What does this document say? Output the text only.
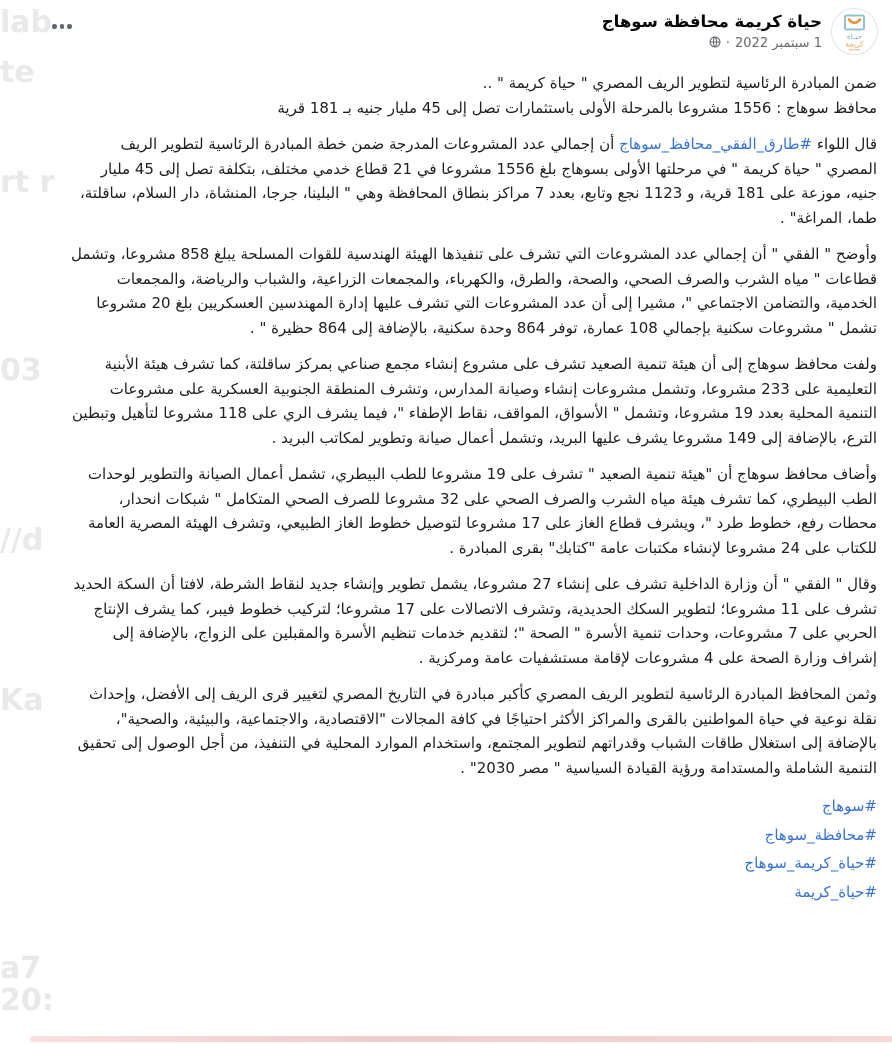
lab
te
rt r
03
//d
Ka
a7
20:
حيـاة
كريمة
حياة كريمة محافظة سوهاج
1 سبتمبر 2022
·

ضمن المبادرة الرئاسية لتطوير الريف المصري " حياة كريمة " ..
محافظ سوهاج : 1556 مشروعا بالمرحلة الأولى باستثمارات تصل إلى 45 مليار جنيه بـ 181 قرية

قال اللواء #طارق_الفقي_محافظ_سوهاج أن إجمالي عدد المشروعات المدرجة ضمن خطة المبادرة الرئاسية لتطوير الريف المصري " حياة كريمة " في مرحلتها الأولى بسوهاج بلغ 1556 مشروعا في 21 قطاع خدمي مختلف، بتكلفة تصل إلى 45 مليار جنيه، موزعة على 181 قرية، و 1123 نجع وتابع، بعدد 7 مراكز بنطاق المحافظة وهي " البلينا، جرجا، المنشاة، دار السلام، ساقلتة، طما، المراغة" .

وأوضح " الفقي " أن إجمالي عدد المشروعات التي تشرف على تنفيذها الهيئة الهندسية للقوات المسلحة يبلغ 858 مشروعا، وتشمل قطاعات " مياه الشرب والصرف الصحي، والصحة، والطرق، والكهرباء، والمجمعات الزراعية، والشباب والرياضة، والمجمعات الخدمية، والتضامن الاجتماعي "، مشيرا إلى أن عدد المشروعات التي تشرف عليها إدارة المهندسين العسكريين بلغ 20 مشروعا تشمل " مشروعات سكنية بإجمالي 108 عمارة، توفر 864 وحدة سكنية، بالإضافة إلى 864 حظيرة " .

ولفت محافظ سوهاج إلى أن هيئة تنمية الصعيد تشرف على مشروع إنشاء مجمع صناعي بمركز ساقلتة، كما تشرف هيئة الأبنية التعليمية على 233 مشروعا، وتشمل مشروعات إنشاء وصيانة المدارس، وتشرف المنطقة الجنوبية العسكرية على مشروعات التنمية المحلية بعدد 19 مشروعا، وتشمل " الأسواق، المواقف، نقاط الإطفاء "، فيما يشرف الري على 118 مشروعا لتأهيل وتبطين الترع، بالإضافة إلى 149 مشروعا يشرف عليها البريد، وتشمل أعمال صيانة وتطوير لمكاتب البريد .

وأضاف محافظ سوهاج أن "هيئة تنمية الصعيد " تشرف على 19 مشروعا للطب البيطري، تشمل أعمال الصيانة والتطوير لوحدات الطب البيطري، كما تشرف هيئة مياه الشرب والصرف الصحي على 32 مشروعا للصرف الصحي المتكامل " شبكات انحدار، محطات رفع، خطوط طرد "، ويشرف قطاع الغاز على 17 مشروعا لتوصيل خطوط الغاز الطبيعي، وتشرف الهيئة المصرية العامة للكتاب على 24 مشروعا لإنشاء مكتبات عامة "كتابك" بقرى المبادرة .

وقال " الفقي " أن وزارة الداخلية تشرف على إنشاء 27 مشروعا، يشمل تطوير وإنشاء جديد لنقاط الشرطة، لافتا أن السكة الحديد تشرف على 11 مشروعا؛ لتطوير السكك الحديدية، وتشرف الاتصالات على 17 مشروعا؛ لتركيب خطوط فيبر، كما يشرف الإنتاج الحربي على 7 مشروعات، وحدات تنمية الأسرة " الصحة "؛ لتقديم خدمات تنظيم الأسرة والمقبلين على الزواج، بالإضافة إلى إشراف وزارة الصحة على 4 مشروعات لإقامة مستشفيات عامة ومركزية .

وثمن المحافظ المبادرة الرئاسية لتطوير الريف المصري كأكبر مبادرة في التاريخ المصري لتغيير قرى الريف إلى الأفضل، وإحداث نقلة نوعية في حياة المواطنين بالقرى والمراكز الأكثر احتياجًا في كافة المجالات "الاقتصادية، والاجتماعية، والبيئية، والصحية"، بالإضافة إلى استغلال طاقات الشباب وقدراتهم لتطوير المجتمع، واستخدام الموارد المحلية في التنفيذ، من أجل الوصول إلى تحقيق التنمية الشاملة والمستدامة ورؤية القيادة السياسية " مصر 2030" .

#سوهاج
#محافظة_سوهاج
#حياة_كريمة_سوهاج
#حياة_كريمة
